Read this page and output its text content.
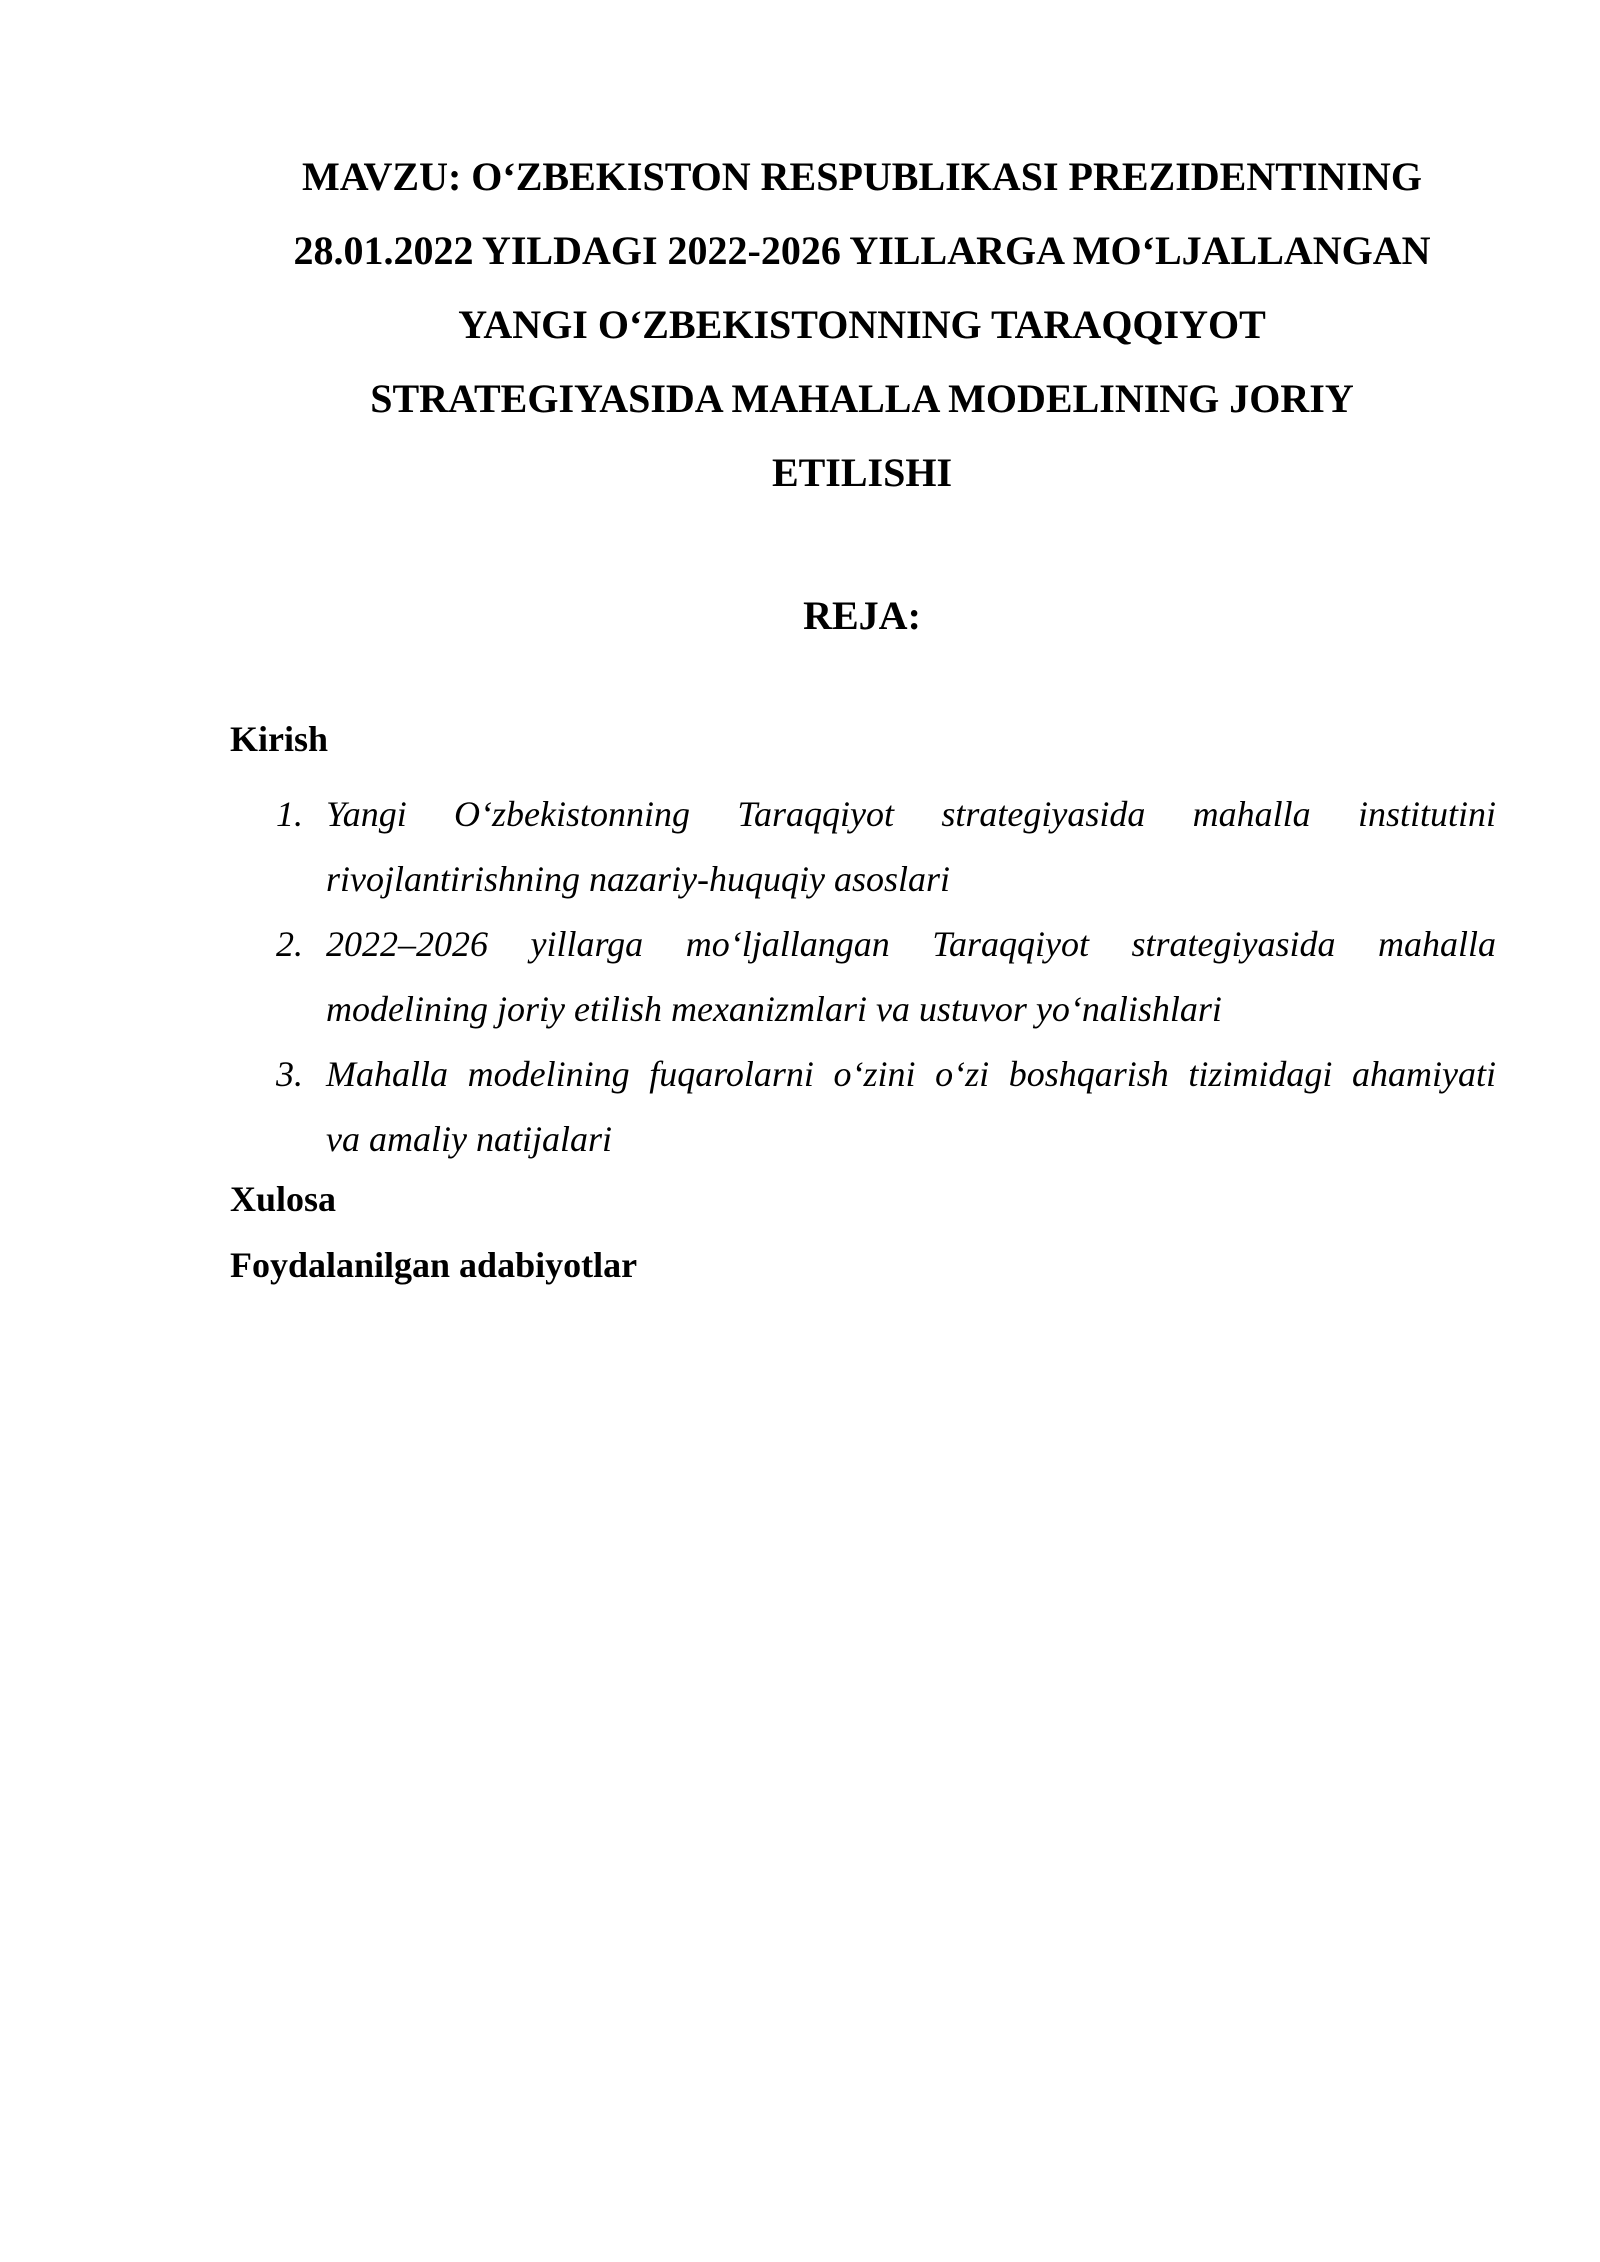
MAVZU: O‘ZBEKISTON RESPUBLIKASI PREZIDENTINING

28.01.2022 YILDAGI 2022-2026 YILLARGA MO‘LJALLANGAN

YANGI O‘ZBEKISTONNING TARAQQIYOT

STRATEGIYASIDA MAHALLA MODELINING JORIY

ETILISHI

REJA:

Kirish

1. Yangi O‘zbekistonning Taraqqiyot strategiyasida mahalla institutini
rivojlantirishning nazariy-huquqiy asoslari
2. 2022–2026 yillarga mo‘ljallangan Taraqqiyot strategiyasida mahalla
modelining joriy etilish mexanizmlari va ustuvor yo‘nalishlari
3. Mahalla modelining fuqarolarni o‘zini o‘zi boshqarish tizimidagi ahamiyati
va amaliy natijalari

Xulosa

Foydalanilgan adabiyotlar
